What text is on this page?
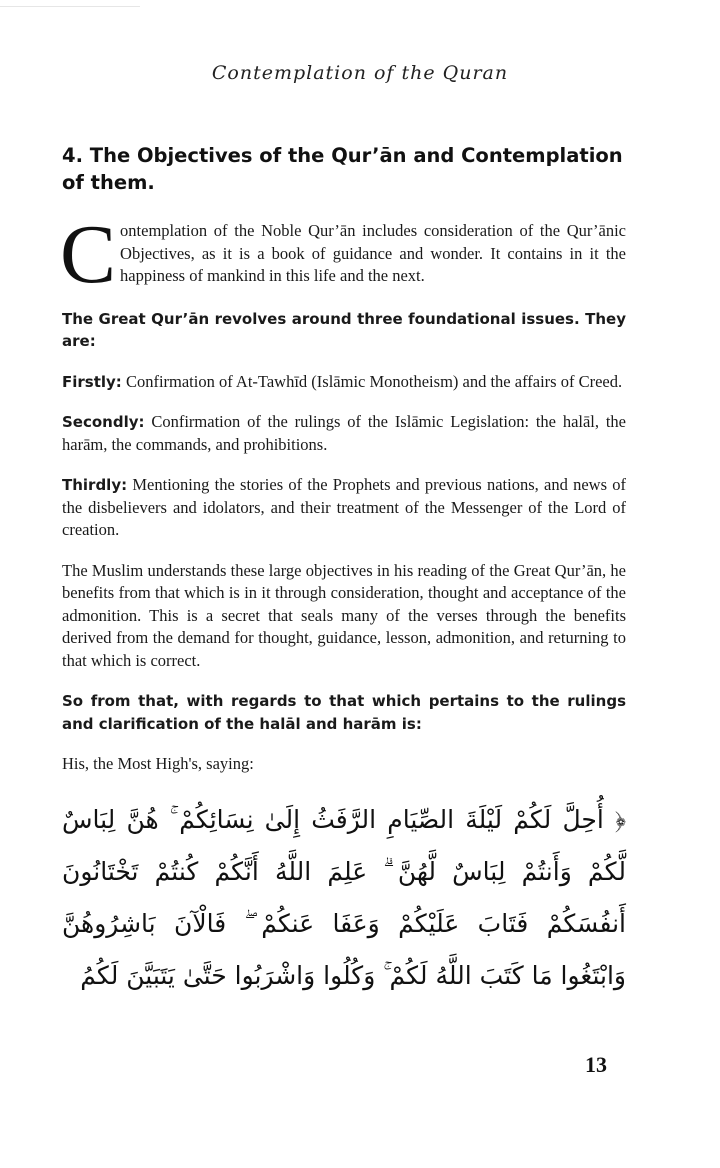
Contemplation of the Quran
4. The Objectives of the Qur’ān and Contemplation of them.

Contemplation of the Noble Qur’ān includes consideration of the Qur’ānic Objectives, as it is a book of guidance and wonder. It contains in it the happiness of mankind in this life and the next.

The Great Qur’ān revolves around three foundational issues. They are:

Firstly: Confirmation of At-Tawhīd (Islāmic Monotheism) and the affairs of Creed.

Secondly: Confirmation of the rulings of the Islāmic Legislation: the halāl, the harām, the commands, and prohibitions.

Thirdly: Mentioning the stories of the Prophets and previous nations, and news of the disbelievers and idolators, and their treatment of the Messenger of the Lord of creation.

The Muslim understands these large objectives in his reading of the Great Qur’ān, he benefits from that which is in it through consideration, thought and acceptance of the admonition. This is a secret that seals many of the verses through the benefits derived from the demand for thought, guidance, lesson, admonition, and returning to that which is correct.

So from that, with regards to that which pertains to the rulings and clarification of the halāl and harām is:

His, the Most High's, saying:

﴿ أُحِلَّ لَكُمْ لَيْلَةَ الصِّيَامِ الرَّفَثُ إِلَىٰ نِسَائِكُمْ ۚ هُنَّ لِبَاسٌ لَّكُمْ وَأَنتُمْ لِبَاسٌ لَّهُنَّ ۗ عَلِمَ اللَّهُ أَنَّكُمْ كُنتُمْ تَخْتَانُونَ أَنفُسَكُمْ فَتَابَ عَلَيْكُمْ وَعَفَا عَنكُمْ ۖ فَالْآنَ بَاشِرُوهُنَّ وَابْتَغُوا مَا كَتَبَ اللَّهُ لَكُمْ ۚ وَكُلُوا وَاشْرَبُوا حَتَّىٰ يَتَبَيَّنَ لَكُمُ

13
